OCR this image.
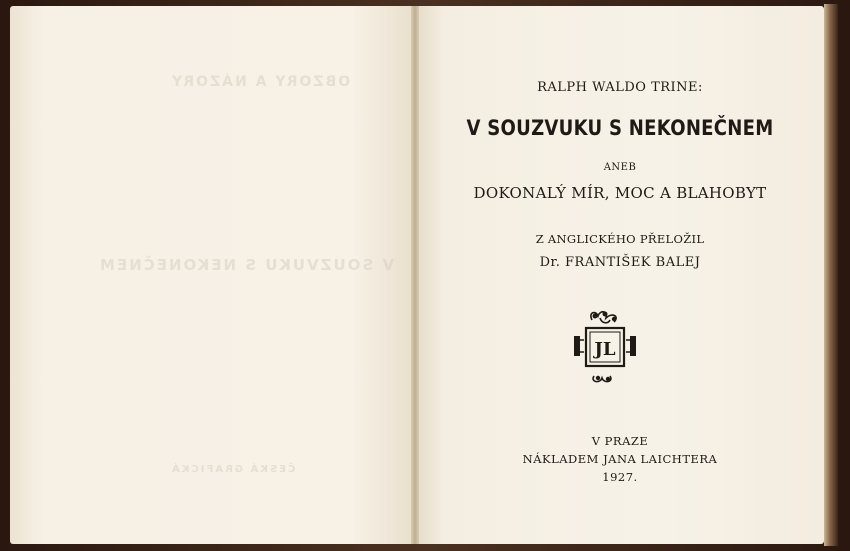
OBZORY A NÁZORY
V SOUZVUKU S NEKONEČNEM
ČESKÁ GRAFICKÁ
RALPH WALDO TRINE:
V SOUZVUKU S NEKONEČNEM
ANEB
DOKONALÝ MÍR, MOC A BLAHOBYT
Z ANGLICKÉHO PŘELOŽIL
Dr. FRANTIŠEK BALEJ
JL
V PRAZE
NÁKLADEM JANA LAICHTERA
1927.
